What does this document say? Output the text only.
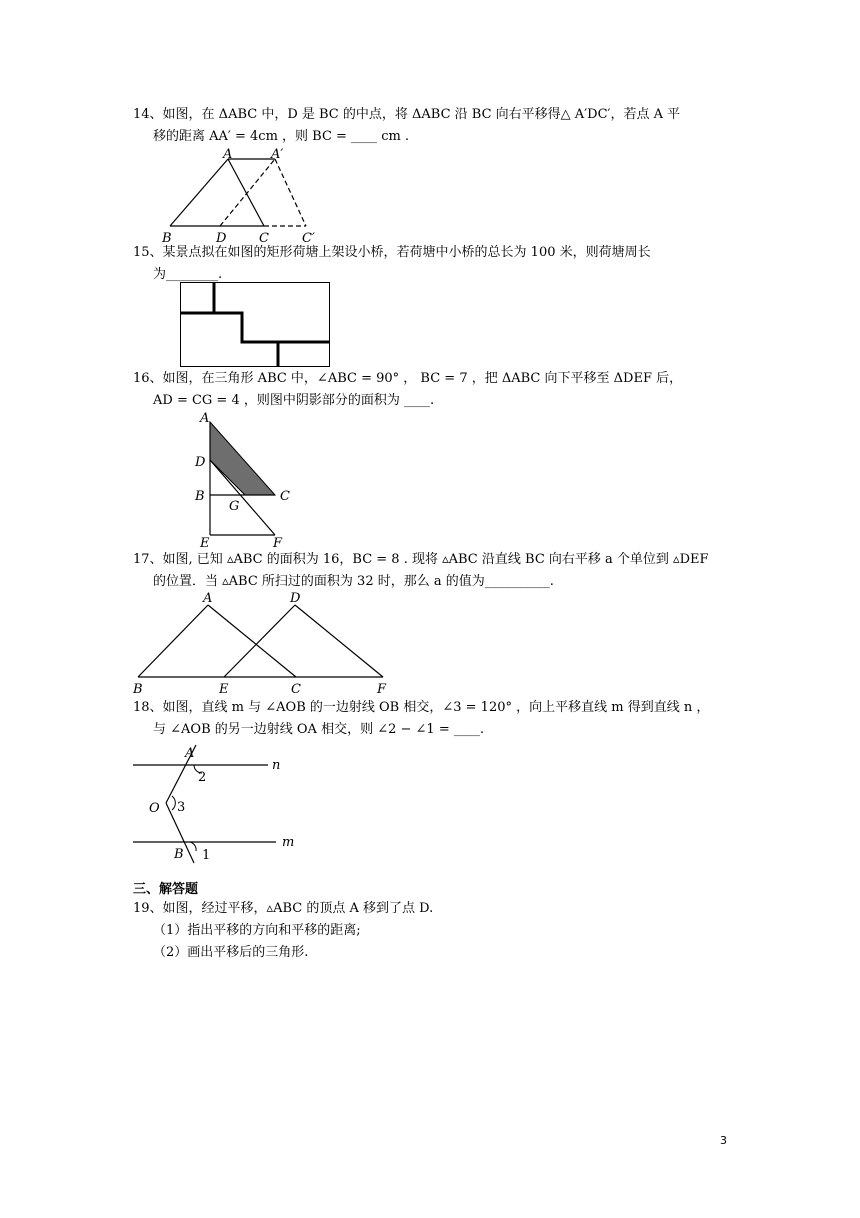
14、如图，在 ΔABC 中，D 是 BC 的中点，将 ΔABC 沿 BC 向右平移得△ A′DC′，若点 A 平
移的距离 AA′ = 4cm ，则 BC = ____ cm .
A	A′
B	D	C	C′
15、某景点拟在如图的矩形荷塘上架设小桥，若荷塘中小桥的总长为 100 米，则荷塘周长
为________.
16、如图，在三角形 ABC 中，∠ABC = 90° ， BC = 7 ，把 ΔABC 向下平移至 ΔDEF 后，
AD = CG = 4 ，则图中阴影部分的面积为 ____.
A
D
B
G
C
E	F
17、如图, 已知 ▵ABC 的面积为 16，BC = 8 . 现将 ▵ABC 沿直线 BC 向右平移 a 个单位到 ▵DEF
的位置．当 ▵ABC 所扫过的面积为 32 时，那么 a 的值为__________.
A	D
B	E	C	F
18、如图，直线 m 与 ∠AOB 的一边射线 OB 相交，∠3 = 120° ，向上平移直线 m 得到直线 n ，
与 ∠AOB 的另一边射线 OA 相交，则 ∠2 − ∠1 = ____.
A
n
2
O 3
B 1
m
三、解答题
19、如图，经过平移，▵ABC 的顶点 A 移到了点 D.
（1）指出平移的方向和平移的距离;
（2）画出平移后的三角形.
3
